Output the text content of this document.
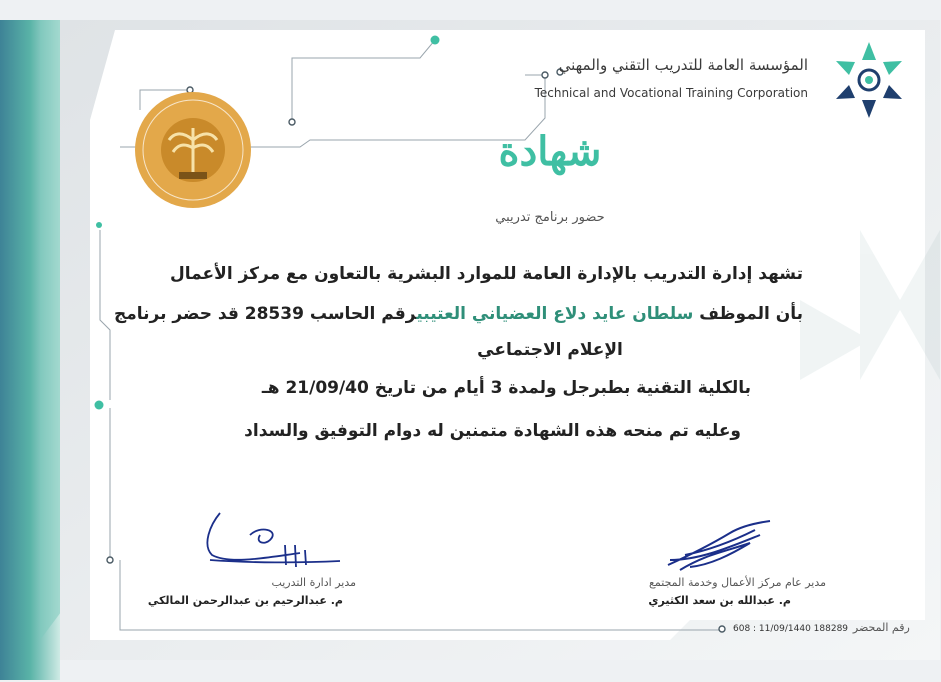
المؤسسة العامة للتدريب التقني والمهني
Technical and Vocational Training Corporation
شهادة
حضور برنامج تدريبي
تشهد إدارة التدريب بالإدارة العامة للموارد البشرية بالتعاون مع مركز الأعمال
بأن الموظف سلطان عايد دلاع العضياني العتيبيرقم الحاسب 28539 قد حضر برنامج
الإعلام الاجتماعي
بالكلية التقنية بطبرجل ولمدة 3 أيام من تاريخ 21/09/40 هـ
وعليه تم منحه هذه الشهادة متمنين له دوام التوفيق والسداد
مدير عام مركز الأعمال وخدمة المجتمع
م. عبدالله بن سعد الكثيري
مدير ادارة التدريب
م. عبدالرحيم بن عبدالرحمن المالكي
608 : 11/09/1440 188289 رقم المحضر
